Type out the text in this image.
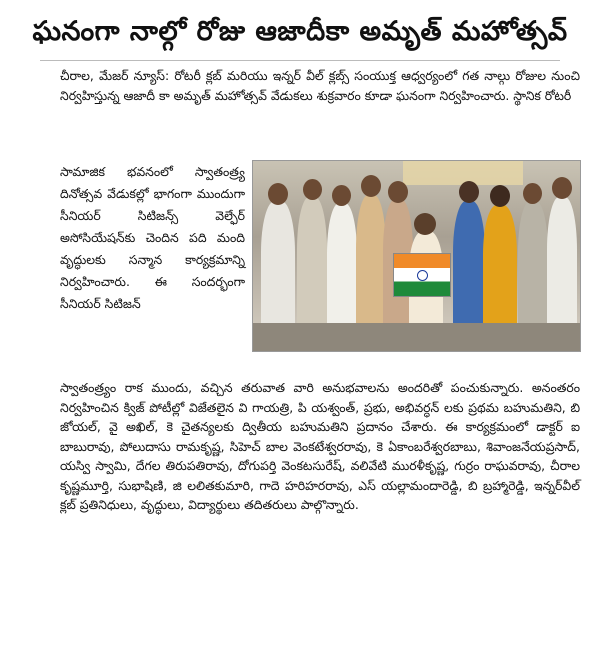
ఘనంగా నాల్గో రోజు ఆజాదీకా అమృత్ మహోత్సవ్

చీరాల, మేజర్ న్యూస్: రోటరీ క్లబ్ మరియు ఇన్నర్ వీల్ క్లబ్స్ సంయుక్త ఆధ్వర్యంలో గత నాల్గు రోజుల నుంచి నిర్వహిస్తున్న ఆజాదీ కా అమృత్ మహోత్సవ్ వేడుకలు శుక్రవారం కూడా ఘనంగా నిర్వహించారు. స్థానిక రోటరీ

సామాజిక భవనంలో స్వాతంత్ర్య దినోత్సవ వేడుకల్లో భాగంగా ముందుగా సీనియర్ సిటిజన్స్ వెల్ఫేర్ అసోసియేషన్‌కు చెందిన పది మంది వృద్ధులకు సన్మాన కార్యక్రమాన్ని నిర్వహించారు. ఈ సందర్భంగా సీనియర్ సిటిజన్

స్వాతంత్ర్యం రాక ముందు, వచ్చిన తరువాత వారి అనుభవాలను అందరితో పంచుకున్నారు. అనంతరం నిర్వహించిన క్విజ్ పోటీల్లో విజేతలైన వి గాయత్రి, పి యశ్వంత్, ప్రభు, అభివర్ధన్ లకు ప్రథమ బహుమతిని, బి జోయల్, వై అఖిల్, కె చైతన్యలకు ద్వితీయ బహుమతిని ప్రదానం చేశారు. ఈ కార్యక్రమంలో డాక్టర్ ఐ బాబురావు, పోలుదాసు రామకృష్ణ, సిహెచ్ బాల వెంకటేశ్వరరావు, కె ఏకాంబరేశ్వరబాబు, శివాంజనేయప్రసాద్, యస్వి స్వామి, దేగల తిరుపతిరావు, దోగుపర్తి వెంకటసురేష్, వలివేటి మురళీకృష్ణ, గుర్రం రాఘవరావు, చీరాల కృష్ణమూర్తి, సుభాషిణి, జి లలితకుమారి, గాదె హరిహరరావు, ఎస్ యల్లామందారెడ్డి, బి బ్రహ్మారెడ్డి, ఇన్నర్‌వీల్ క్లబ్ ప్రతినిధులు, వృద్ధులు, విద్యార్థులు తదితరులు పాల్గొన్నారు.
